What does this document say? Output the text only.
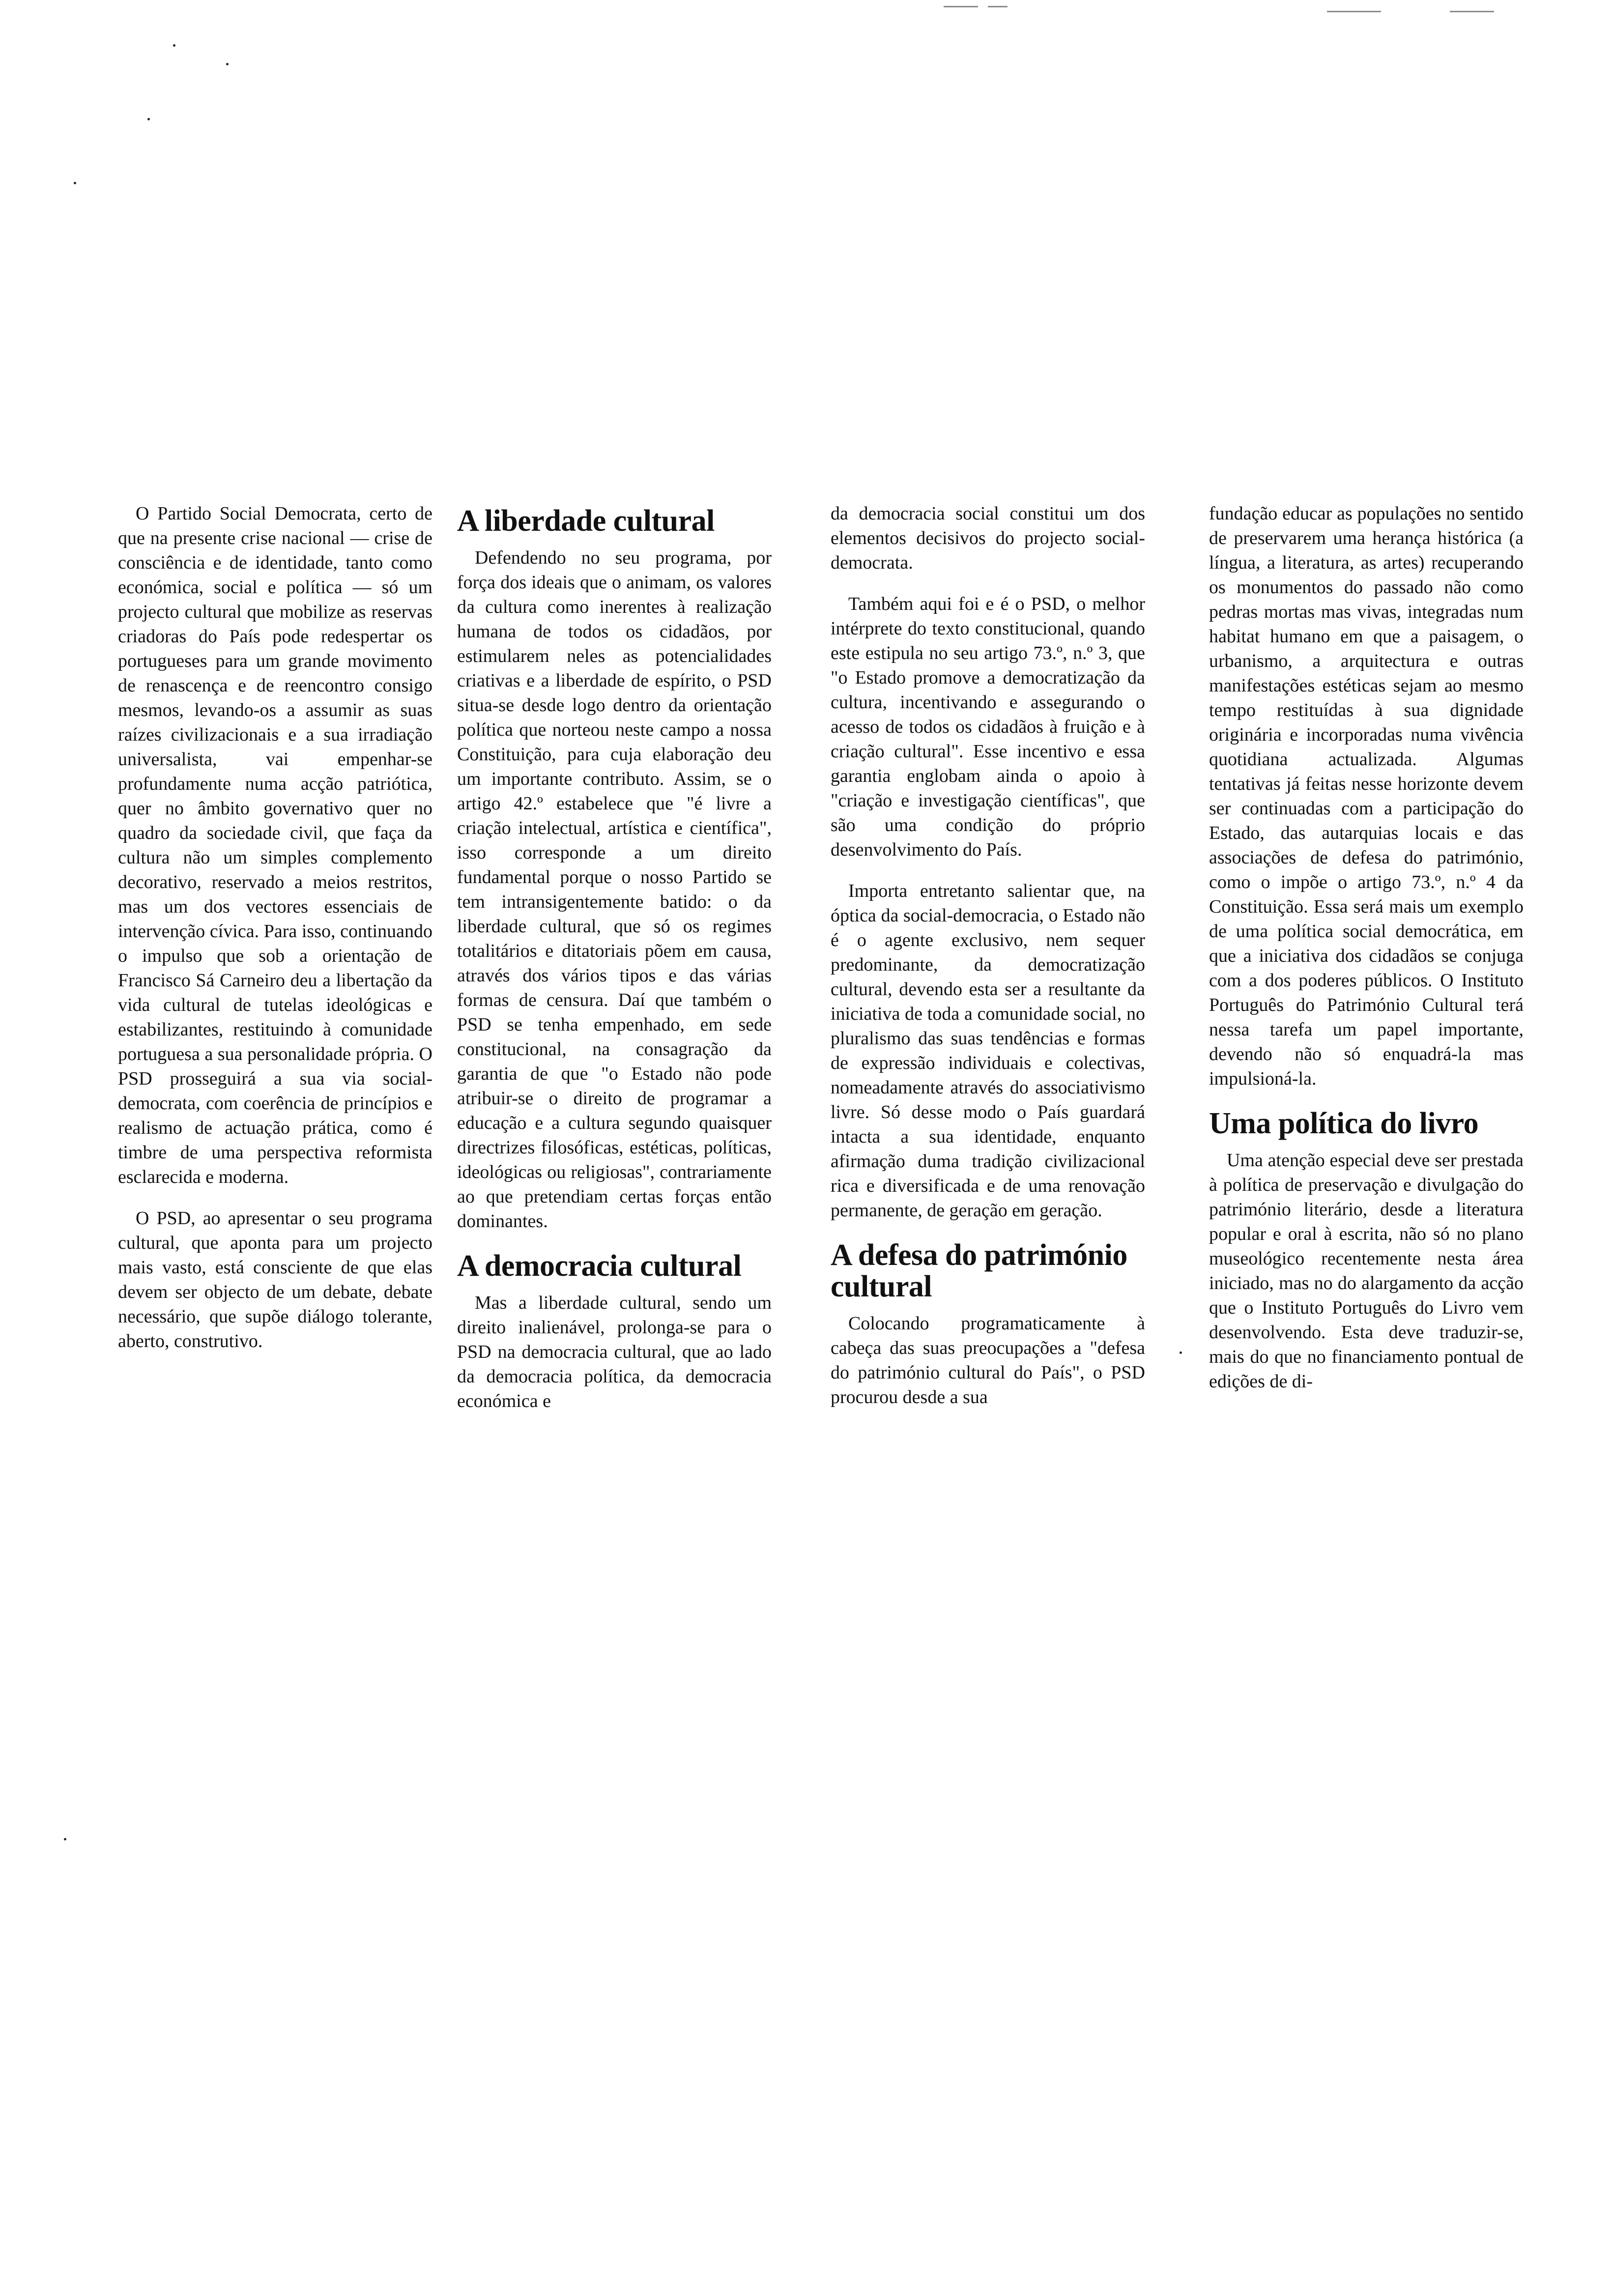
O Partido Social Democrata, certo de que na presente crise nacional — crise de consciência e de identidade, tanto como económica, social e política — só um projecto cultural que mobilize as reservas criadoras do País pode redespertar os portugueses para um grande movimento de renascença e de reencontro consigo mesmos, levando-os a assumir as suas raízes civilizacionais e a sua irradiação universalista, vai empenhar-se profundamente numa acção patriótica, quer no âmbito governativo quer no quadro da sociedade civil, que faça da cultura não um simples complemento decorativo, reservado a meios restritos, mas um dos vectores essenciais de intervenção cívica. Para isso, continuando o impulso que sob a orientação de Francisco Sá Carneiro deu a libertação da vida cultural de tutelas ideológicas e estabilizantes, restituindo à comunidade portuguesa a sua personalidade própria. O PSD prosseguirá a sua via social-democrata, com coerência de princípios e realismo de actuação prática, como é timbre de uma perspectiva reformista esclarecida e moderna.

O PSD, ao apresentar o seu programa cultural, que aponta para um projecto mais vasto, está consciente de que elas devem ser objecto de um debate, debate necessário, que supõe diálogo tolerante, aberto, construtivo.

A liberdade cultural

Defendendo no seu programa, por força dos ideais que o animam, os valores da cultura como inerentes à realização humana de todos os cidadãos, por estimularem neles as potencialidades criativas e a liberdade de espírito, o PSD situa-se desde logo dentro da orientação política que norteou neste campo a nossa Constituição, para cuja elaboração deu um importante contributo. Assim, se o artigo 42.º estabelece que "é livre a criação intelectual, artística e científica", isso corresponde a um direito fundamental porque o nosso Partido se tem intransigentemente batido: o da liberdade cultural, que só os regimes totalitários e ditatoriais põem em causa, através dos vários tipos e das várias formas de censura. Daí que também o PSD se tenha empenhado, em sede constitucional, na consagração da garantia de que "o Estado não pode atribuir-se o direito de programar a educação e a cultura segundo quaisquer directrizes filosóficas, estéticas, políticas, ideológicas ou religiosas", contrariamente ao que pretendiam certas forças então dominantes.

A democracia cultural

Mas a liberdade cultural, sendo um direito inalienável, prolonga-se para o PSD na democracia cultural, que ao lado da democracia política, da democracia económica e

da democracia social constitui um dos elementos decisivos do projecto social-democrata.

Também aqui foi e é o PSD, o melhor intérprete do texto constitucional, quando este estipula no seu artigo 73.º, n.º 3, que "o Estado promove a democratização da cultura, incentivando e assegurando o acesso de todos os cidadãos à fruição e à criação cultural". Esse incentivo e essa garantia englobam ainda o apoio à "criação e investigação científicas", que são uma condição do próprio desenvolvimento do País.

Importa entretanto salientar que, na óptica da social-democracia, o Estado não é o agente exclusivo, nem sequer predominante, da democratização cultural, devendo esta ser a resultante da iniciativa de toda a comunidade social, no pluralismo das suas tendências e formas de expressão individuais e colectivas, nomeadamente através do associativismo livre. Só desse modo o País guardará intacta a sua identidade, enquanto afirmação duma tradição civilizacional rica e diversificada e de uma renovação permanente, de geração em geração.

A defesa do património cultural

Colocando programaticamente à cabeça das suas preocupações a "defesa do património cultural do País", o PSD procurou desde a sua

fundação educar as populações no sentido de preservarem uma herança histórica (a língua, a literatura, as artes) recuperando os monumentos do passado não como pedras mortas mas vivas, integradas num habitat humano em que a paisagem, o urbanismo, a arquitectura e outras manifestações estéticas sejam ao mesmo tempo restituídas à sua dignidade originária e incorporadas numa vivência quotidiana actualizada. Algumas tentativas já feitas nesse horizonte devem ser continuadas com a participação do Estado, das autarquias locais e das associações de defesa do património, como o impõe o artigo 73.º, n.º 4 da Constituição. Essa será mais um exemplo de uma política social democrática, em que a iniciativa dos cidadãos se conjuga com a dos poderes públicos. O Instituto Português do Património Cultural terá nessa tarefa um papel importante, devendo não só enquadrá-la mas impulsioná-la.

Uma política do livro

Uma atenção especial deve ser prestada à política de preservação e divulgação do património literário, desde a literatura popular e oral à escrita, não só no plano museológico recentemente nesta área iniciado, mas no do alargamento da acção que o Instituto Português do Livro vem desenvolvendo. Esta deve traduzir-se, mais do que no financiamento pontual de edições de di-
